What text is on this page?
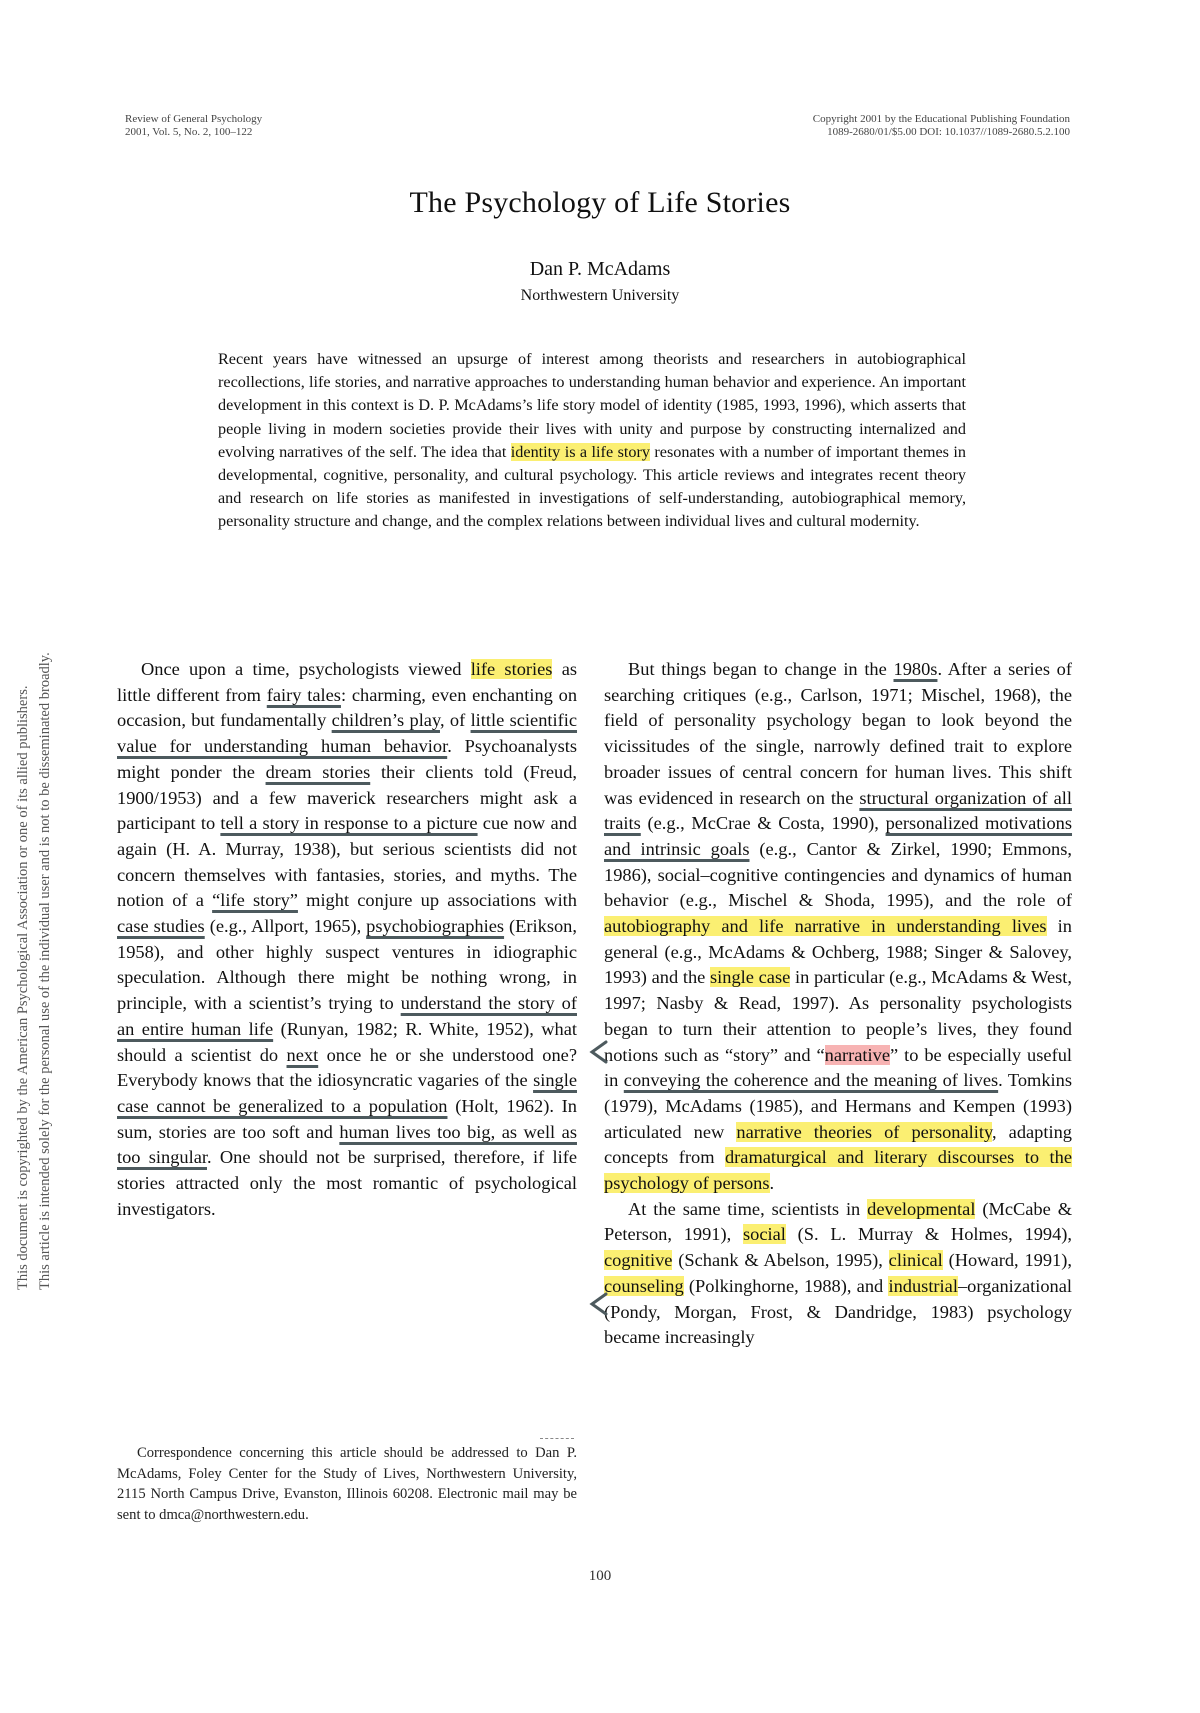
Review of General Psychology
2001, Vol. 5, No. 2, 100–122
Copyright 2001 by the Educational Publishing Foundation
1089-2680/01/$5.00 DOI: 10.1037//1089-2680.5.2.100
The Psychology of Life Stories
Dan P. McAdams
Northwestern University
Recent years have witnessed an upsurge of interest among theorists and researchers in autobiographical recollections, life stories, and narrative approaches to understanding human behavior and experience. An important development in this context is D. P. McAdams’s life story model of identity (1985, 1993, 1996), which asserts that people living in modern societies provide their lives with unity and purpose by constructing internalized and evolving narratives of the self. The idea that identity is a life story resonates with a number of important themes in developmental, cognitive, personality, and cultural psychology. This article reviews and integrates recent theory and research on life stories as manifested in investigations of self-understanding, autobiographical memory, personality structure and change, and the complex relations between individual lives and cultural modernity.
This document is copyrighted by the American Psychological Association or one of its allied publishers. This article is intended solely for the personal use of the individual user and is not to be disseminated broadly.	Once upon a time, psychologists viewed life stories as little different from fairy tales: charming, even enchanting on occasion, but fundamentally children’s play, of little scientific value for understanding human behavior. Psychoanalysts might ponder the dream stories their clients told (Freud, 1900/1953) and a few maverick researchers might ask a participant to tell a story in response to a picture cue now and again (H. A. Murray, 1938), but serious scientists did not concern themselves with fantasies, stories, and myths. The notion of a “life story” might conjure up associations with case studies (e.g., Allport, 1965), psychobiographies (Erikson, 1958), and other highly suspect ventures in idiographic speculation. Although there might be nothing wrong, in principle, with a scientist’s trying to understand the story of an entire human life (Runyan, 1982; R. White, 1952), what should a scientist do next once he or she understood one? Everybody knows that the idiosyncratic vagaries of the single case cannot be generalized to a population (Holt, 1962). In sum, stories are too soft and human lives too big, as well as too singular. One should not be surprised, therefore, if life stories attracted only the most romantic of psychological investigators.

Correspondence concerning this article should be addressed to Dan P. McAdams, Foley Center for the Study of Lives, Northwestern University, 2115 North Campus Drive, Evanston, Illinois 60208. Electronic mail may be sent to dmca@northwestern.edu.

But things began to change in the 1980s. After a series of searching critiques (e.g., Carlson, 1971; Mischel, 1968), the field of personality psychology began to look beyond the vicissitudes of the single, narrowly defined trait to explore broader issues of central concern for human lives. This shift was evidenced in research on the structural organization of all traits (e.g., McCrae & Costa, 1990), personalized motivations and intrinsic goals (e.g., Cantor & Zirkel, 1990; Emmons, 1986), social–cognitive contingencies and dynamics of human behavior (e.g., Mischel & Shoda, 1995), and the role of autobiography and life narrative in understanding lives in general (e.g., McAdams & Ochberg, 1988; Singer & Salovey, 1993) and the single case in particular (e.g., McAdams & West, 1997; Nasby & Read, 1997). As personality psychologists began to turn their attention to people’s lives, they found notions such as “story” and “narrative” to be especially useful in conveying the coherence and the meaning of lives. Tomkins (1979), McAdams (1985), and Hermans and Kempen (1993) articulated new narrative theories of personality, adapting concepts from dramaturgical and literary discourses to the psychology of persons.

At the same time, scientists in developmental (McCabe & Peterson, 1991), social (S. L. Murray & Holmes, 1994), cognitive (Schank & Abelson, 1995), clinical (Howard, 1991), counseling (Polkinghorne, 1988), and industrial–organizational (Pondy, Morgan, Frost, & Dandridge, 1983) psychology became increasingly

100
